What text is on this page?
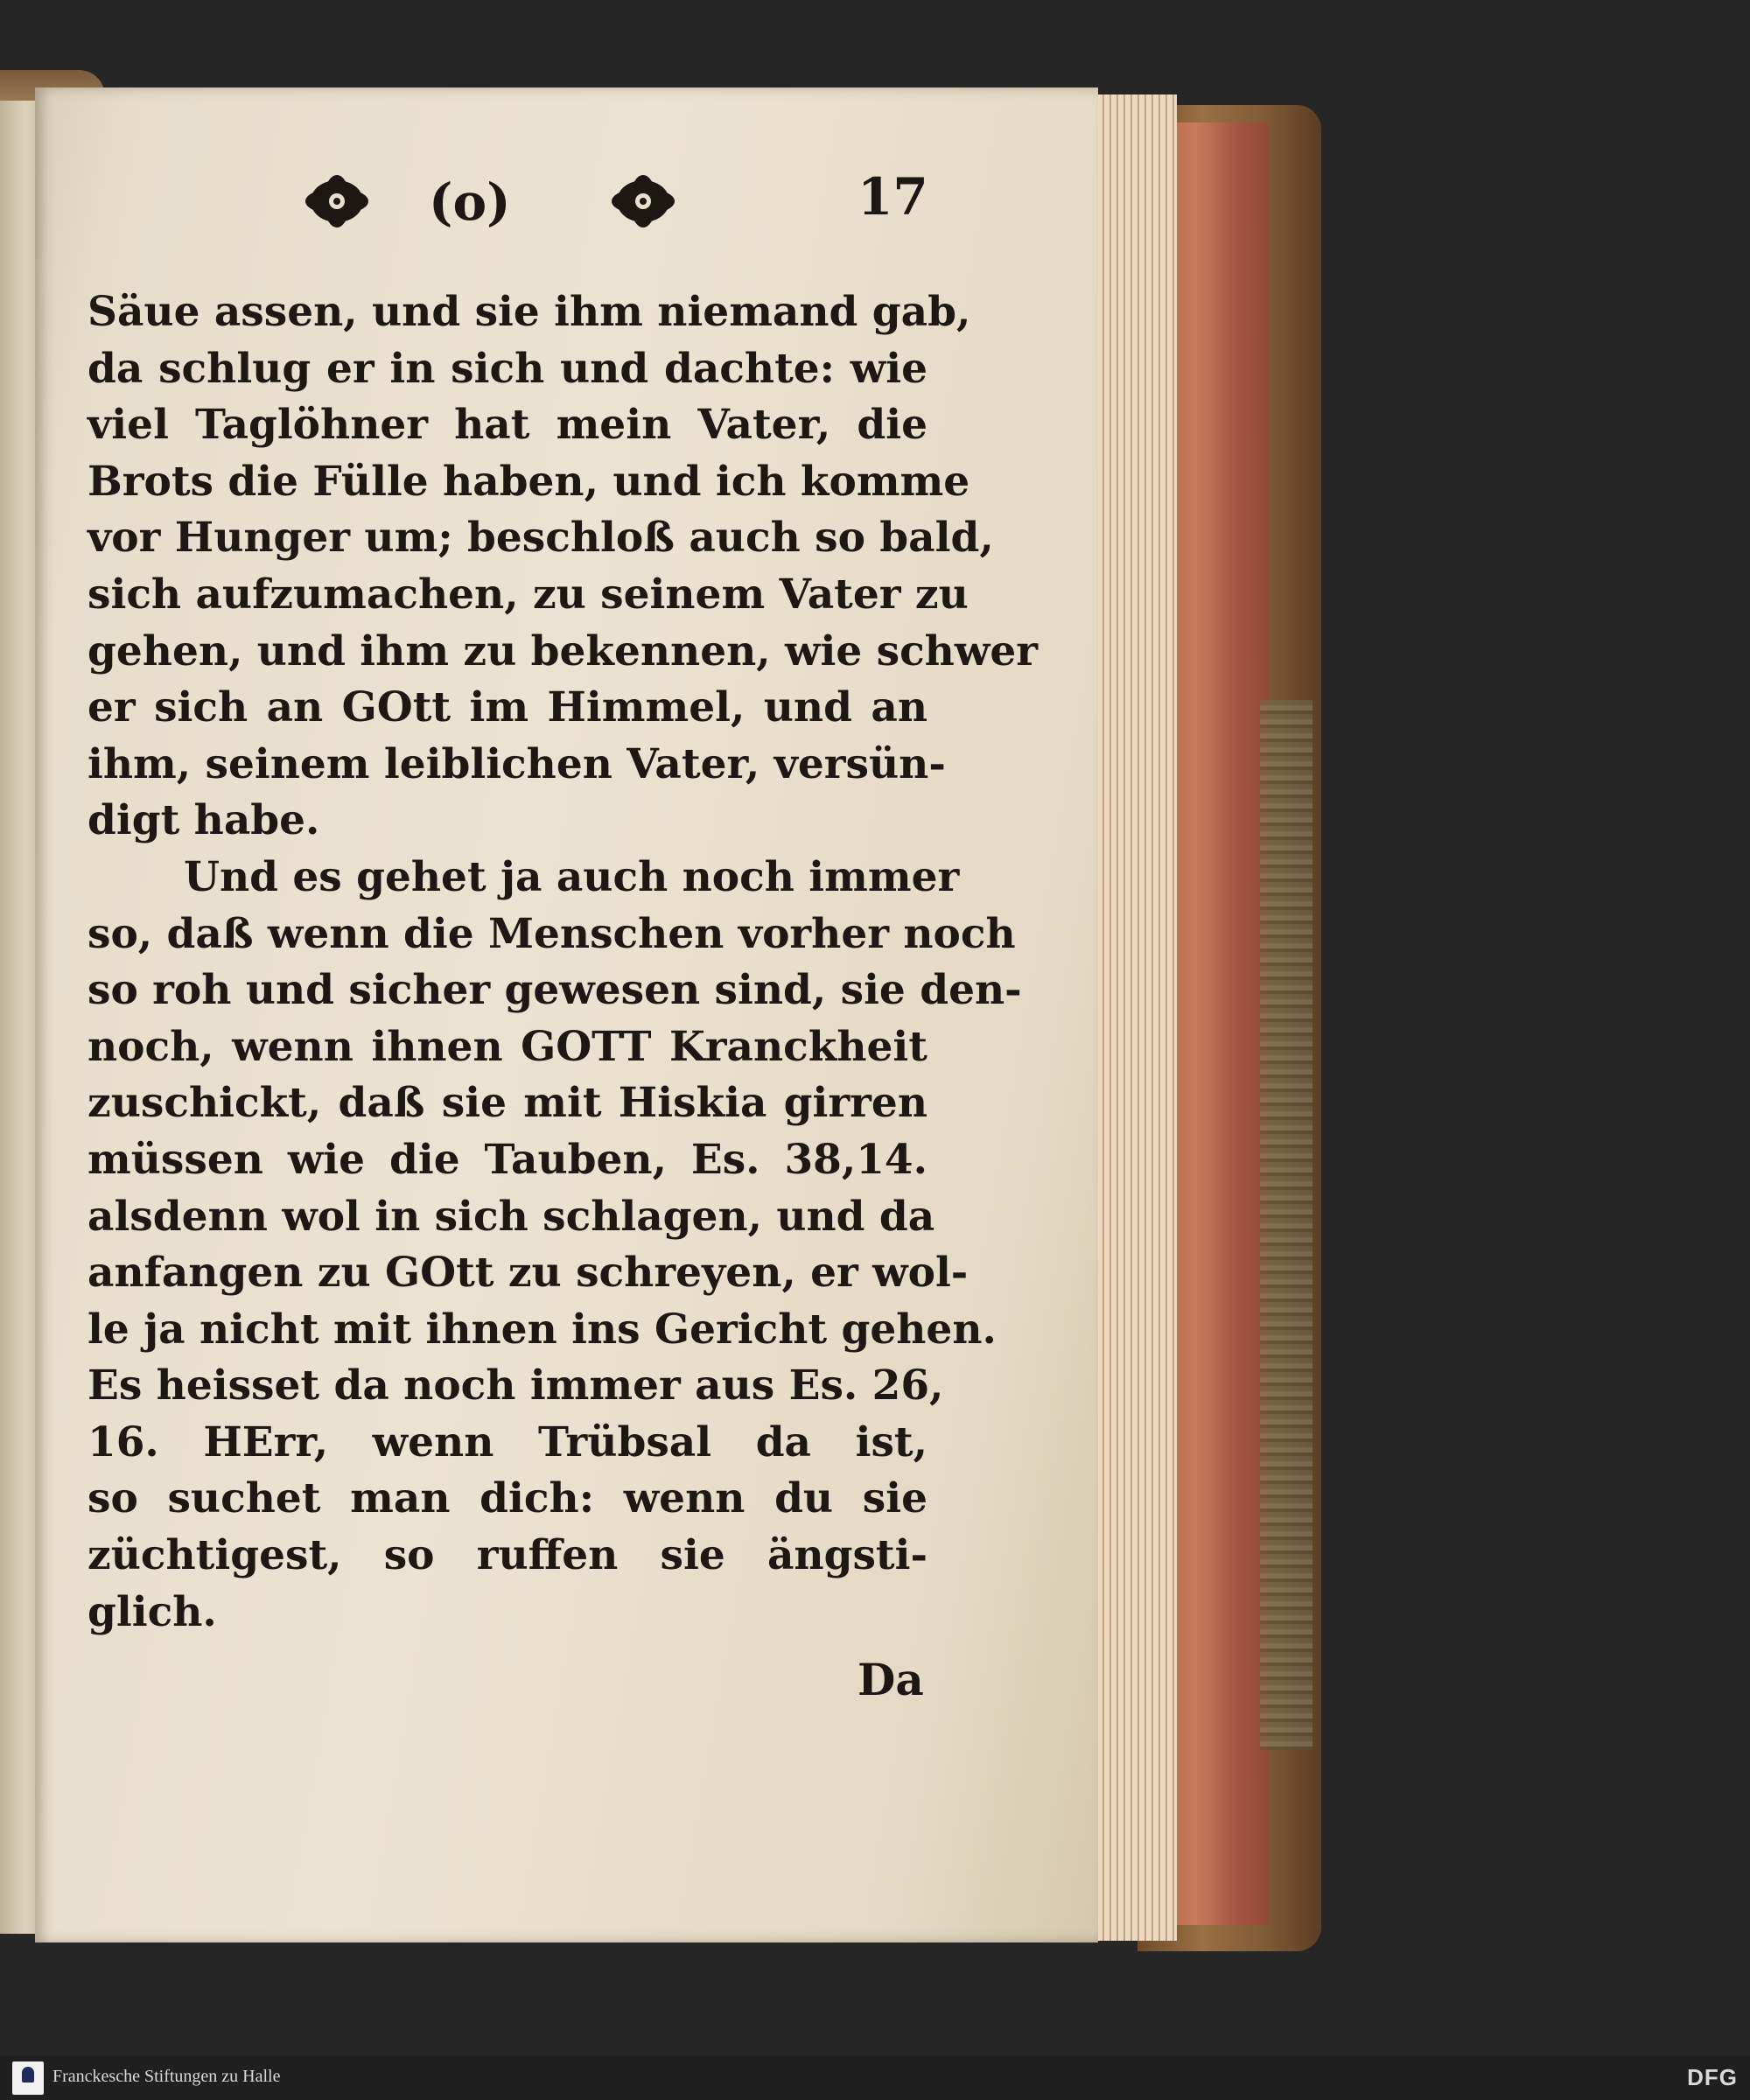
(o)	17
Säue assen, und sie ihm niemand gab,
da schlug er in sich und dachte: wie
viel Taglöhner hat mein Vater, die
Brots die Fülle haben, und ich komme
vor Hunger um; beschloß auch so bald,
sich aufzumachen, zu seinem Vater zu
gehen, und ihm zu bekennen, wie schwer
er sich an GOtt im Himmel, und an
ihm, seinem leiblichen Vater, versün-
digt habe.
Und es gehet ja auch noch immer
so, daß wenn die Menschen vorher noch
so roh und sicher gewesen sind, sie den-
noch, wenn ihnen GOTT Kranckheit
zuschickt, daß sie mit Hiskia girren
müssen wie die Tauben, Es. 38,14.
alsdenn wol in sich schlagen, und da
anfangen zu GOtt zu schreyen, er wol-
le ja nicht mit ihnen ins Gericht gehen.
Es heisset da noch immer aus Es. 26,
16. HErr, wenn Trübsal da ist,
so suchet man dich: wenn du sie
züchtigest, so ruffen sie ängsti-
glich.
Da
Franckesche Stiftungen zu Halle	DFG
